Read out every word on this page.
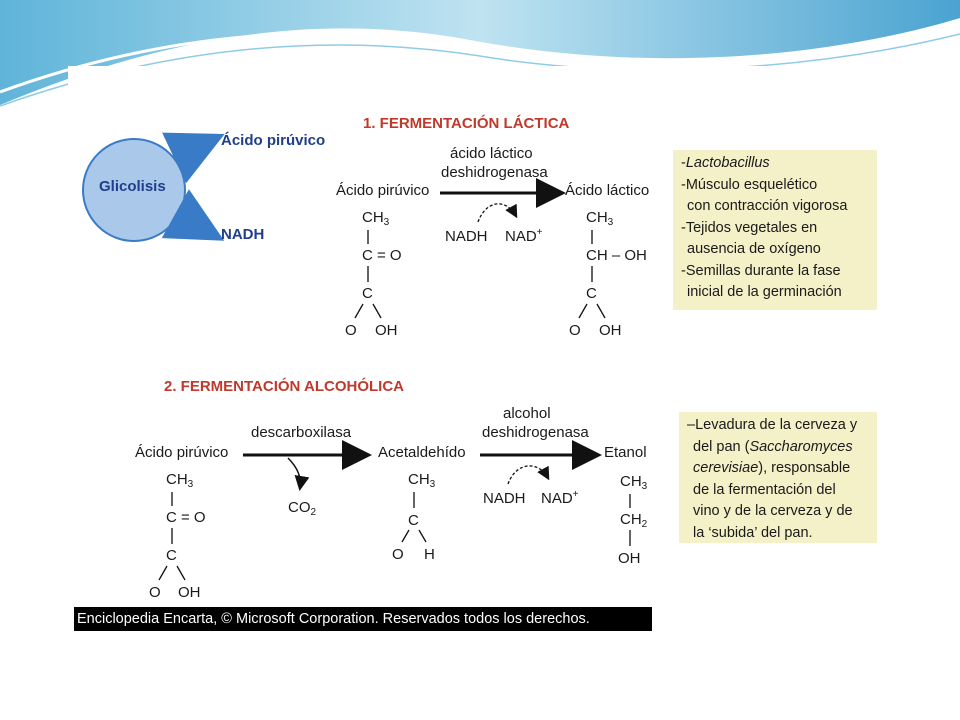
Glicolisis
Ácido pirúvico
NADH
1. FERMENTACIÓN LÁCTICA
ácido láctico
deshidrogenasa
Ácido pirúvico	Ácido láctico
NADH NAD+
$CH_3$
C = O
C
O OH
$CH_3$
CH – OH
C
O OH

-Lactobacillus

-Músculo esquelético

con contracción vigorosa

-Tejidos vegetales en

ausencia de oxígeno

-Semillas durante la fase

inicial de la germinación

2. FERMENTACIÓN ALCOHÓLICA
descarboxilasa
alcohol
deshidrogenasa
Ácido pirúvico	Acetaldehído	Etanol
$CO_2$
NADH NAD+
$CH_3$
C = O
C
O OH
$CH_3$
C
O H
$CH_3$
$CH_2$
OH

–Levadura de la cerveza y

del pan (Saccharomyces

cerevisiae), responsable

de la fermentación del

vino y de la cerveza y de

la ‘subida’ del pan.

Enciclopedia Encarta, © Microsoft Corporation. Reservados todos los derechos.
